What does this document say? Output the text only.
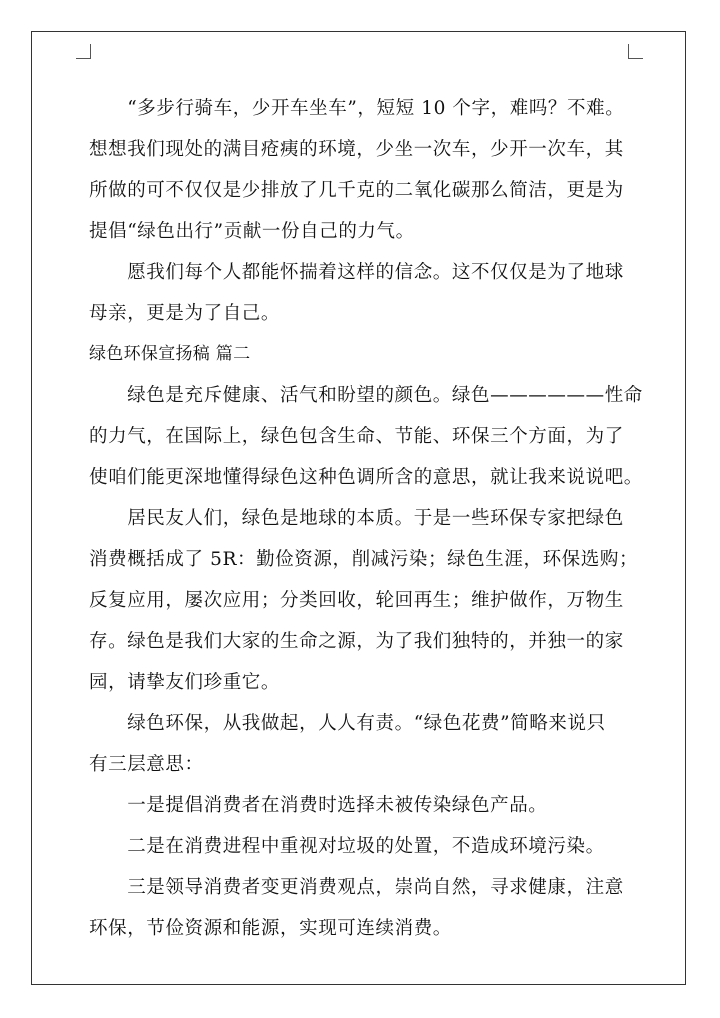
　　“多步行骑车，少开车坐车”，短短 10 个字，难吗？不难。
想想我们现处的满目疮痍的环境，少坐一次车，少开一次车，其
所做的可不仅仅是少排放了几千克的二氧化碳那么简洁，更是为
提倡“绿色出行”贡献一份自己的力气。
　　愿我们每个人都能怀揣着这样的信念。这不仅仅是为了地球
母亲，更是为了自己。
绿色环保宣扬稿 篇二
　　绿色是充斥健康、活气和盼望的颜色。绿色——————性命
的力气，在国际上，绿色包含生命、节能、环保三个方面，为了
使咱们能更深地懂得绿色这种色调所含的意思，就让我来说说吧。
　　居民友人们，绿色是地球的本质。于是一些环保专家把绿色
消费概括成了 5R：勤俭资源，削减污染；绿色生涯，环保选购；
反复应用，屡次应用；分类回收，轮回再生；维护做作，万物生
存。绿色是我们大家的生命之源，为了我们独特的，并独一的家
园，请挚友们珍重它。
　　绿色环保，从我做起，人人有责。“绿色花费”简略来说只
有三层意思：
　　一是提倡消费者在消费时选择未被传染绿色产品。
　　二是在消费进程中重视对垃圾的处置，不造成环境污染。
　　三是领导消费者变更消费观点，崇尚自然，寻求健康，注意
环保，节俭资源和能源，实现可连续消费。
